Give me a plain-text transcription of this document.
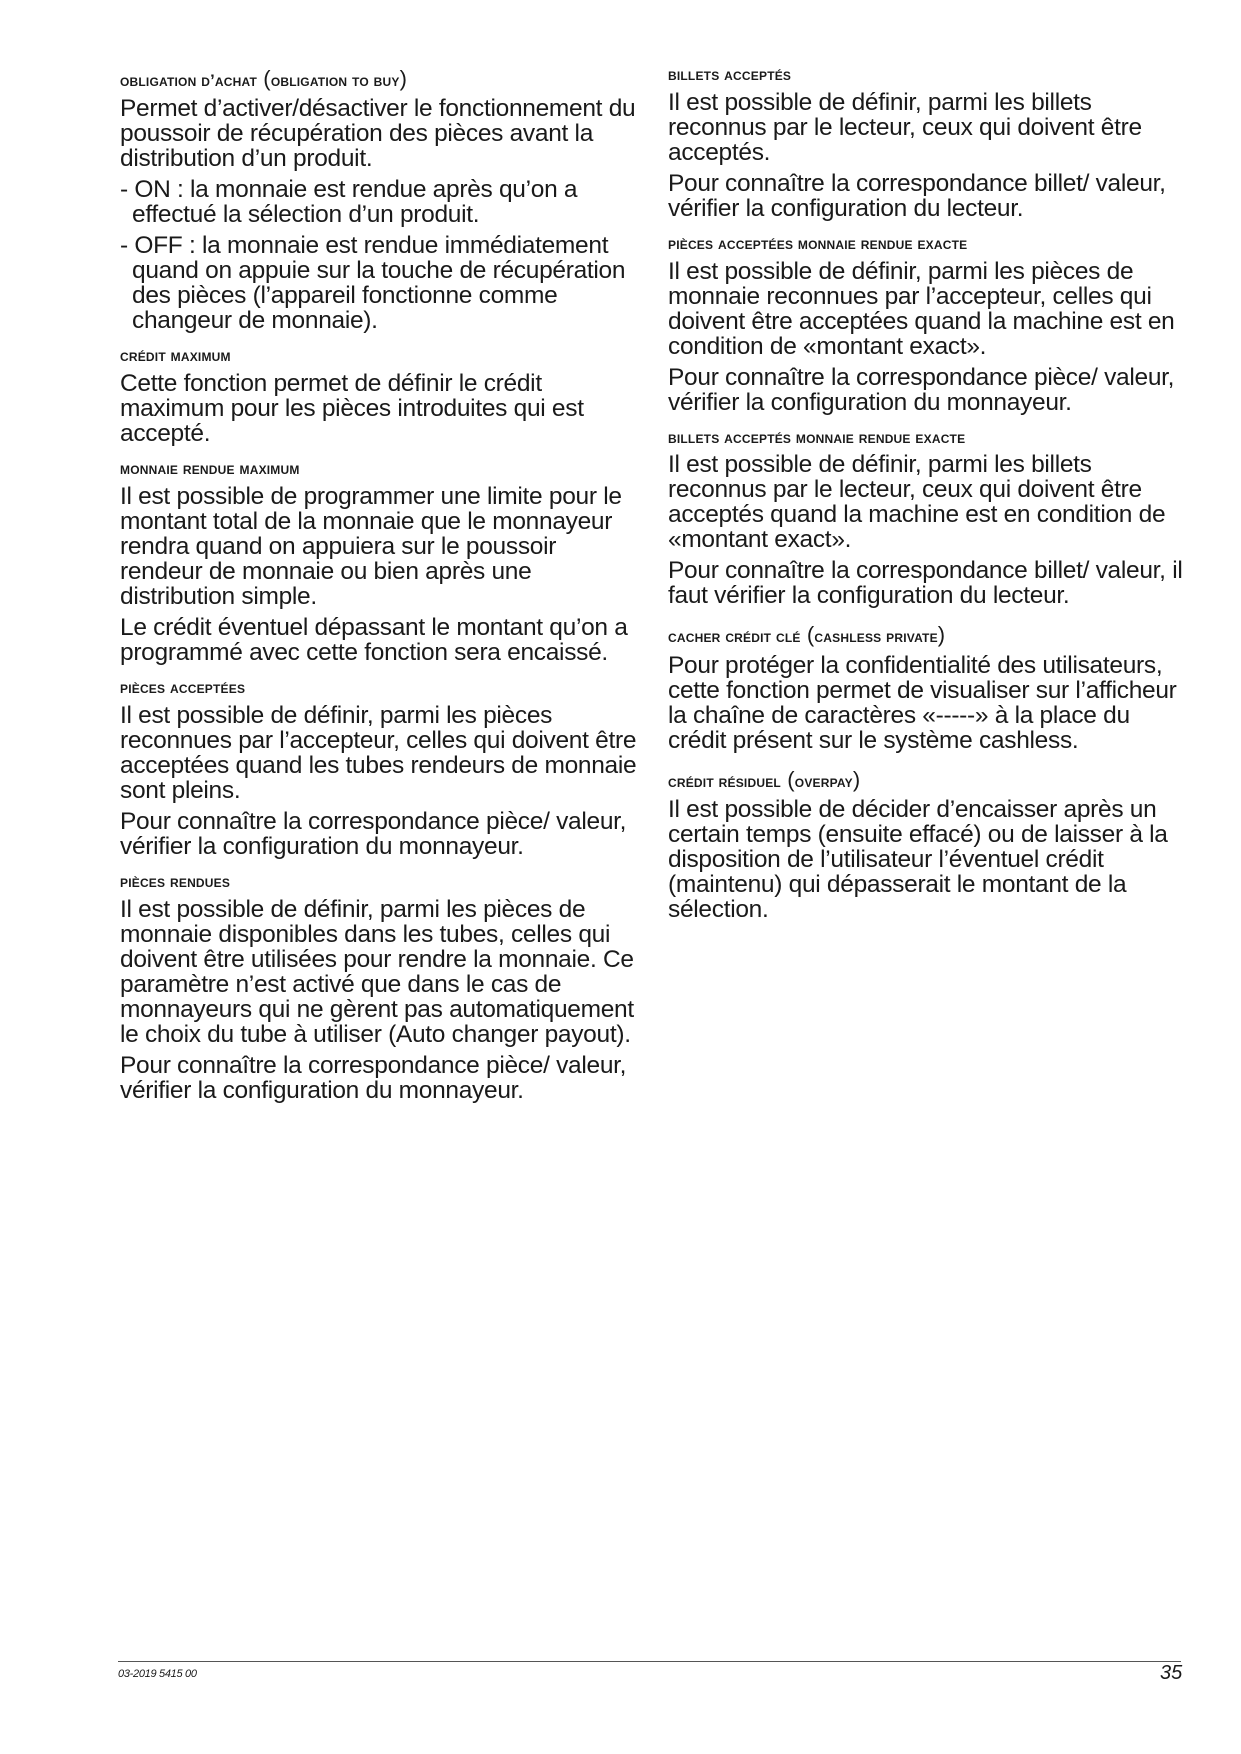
obligation d’achat (obligation to buy)
Permet d’activer/désactiver le fonctionnement du poussoir de récupération des pièces avant la distribution d’un produit.
- ON : la monnaie est rendue après qu’on a effectué la sélection d’un produit.
- OFF : la monnaie est rendue immédiatement quand on appuie sur la touche de récupération des pièces (l’appareil fonctionne comme changeur de monnaie).
crédit maximum
Cette fonction permet de définir le crédit maximum pour les pièces introduites qui est accepté.
monnaie rendue maximum
Il est possible de programmer une limite pour le montant total de la monnaie que le monnayeur rendra quand on appuiera sur le poussoir rendeur de monnaie ou bien après une distribution simple.
Le crédit éventuel dépassant le montant qu’on a programmé avec cette fonction sera encaissé.
pièces acceptées
Il est possible de définir, parmi les pièces reconnues par l’accepteur, celles qui doivent être acceptées quand les tubes rendeurs de monnaie sont pleins.
Pour connaître la correspondance pièce/ valeur, vérifier la configuration du monnayeur.
pièces rendues
Il est possible de définir, parmi les pièces de monnaie disponibles dans les tubes, celles qui doivent être utilisées pour rendre la monnaie. Ce paramètre n’est activé que dans le cas de monnayeurs qui ne gèrent pas automatiquement le choix du tube à utiliser (Auto changer payout).
Pour connaître la correspondance pièce/ valeur, vérifier la configuration du monnayeur.
billets acceptés
Il est possible de définir, parmi les billets reconnus par le lecteur, ceux qui doivent être acceptés.
Pour connaître la correspondance billet/ valeur, vérifier la configuration du lecteur.
pièces acceptées monnaie rendue exacte
Il est possible de définir, parmi les pièces de monnaie reconnues par l’accepteur, celles qui doivent être acceptées quand la machine est en condition de «montant exact».
Pour connaître la correspondance pièce/ valeur, vérifier la configuration du monnayeur.
billets acceptés monnaie rendue exacte
Il est possible de définir, parmi les billets reconnus par le lecteur, ceux qui doivent être acceptés quand la machine est en condition de «montant exact».
Pour connaître la correspondance billet/ valeur, il faut vérifier la configuration du lecteur.
cacher crédit clé (cashless private)
Pour protéger la confidentialité des utilisateurs, cette fonction permet de visualiser sur l’afficheur la chaîne de caractères «-----» à la place du crédit présent sur le système cashless.
crédit résiduel (overpay)
Il est possible de décider d’encaisser après un certain temps (ensuite effacé) ou de laisser à la disposition de l’utilisateur l’éventuel crédit (maintenu) qui dépasserait le montant de la sélection.
03-2019 5415 00	35
